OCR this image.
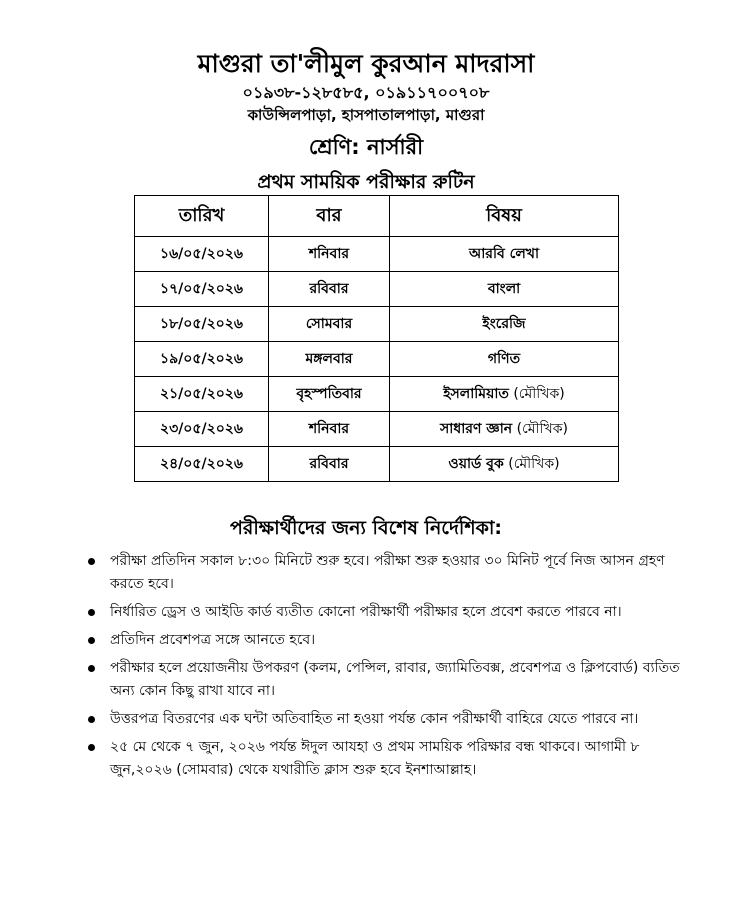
মাগুরা তা'লীমুল কুরআন মাদরাসা
০১৯৩৮-১২৮৫৮৫, ০১৯১১৭০০৭০৮
কাউন্সিলপাড়া, হাসপাতালপাড়া, মাগুরা
শ্রেণি: নার্সারী
প্রথম সাময়িক পরীক্ষার রুটিন
তারিখ	বার	বিষয়
১৬/০৫/২০২৬	শনিবার	আরবি লেখা
১৭/০৫/২০২৬	রবিবার	বাংলা
১৮/০৫/২০২৬	সোমবার	ইংরেজি
১৯/০৫/২০২৬	মঙ্গলবার	গণিত
২১/০৫/২০২৬	বৃহস্পতিবার	ইসলামিয়াত (মৌখিক)
২৩/০৫/২০২৬	শনিবার	সাধারণ জ্ঞান (মৌখিক)
২৪/০৫/২০২৬	রবিবার	ওয়ার্ড বুক (মৌখিক)
পরীক্ষার্থীদের জন্য বিশেষ নির্দেশিকা:
পরীক্ষা প্রতিদিন সকাল ৮:৩০ মিনিটে শুরু হবে। পরীক্ষা শুরু হওয়ার ৩০ মিনিট পূর্বে নিজ আসন গ্রহণ করতে হবে।
নির্ধারিত ড্রেস ও আইডি কার্ড ব্যতীত কোনো পরীক্ষার্থী পরীক্ষার হলে প্রবেশ করতে পারবে না।
প্রতিদিন প্রবেশপত্র সঙ্গে আনতে হবে।
পরীক্ষার হলে প্রয়োজনীয় উপকরণ (কলম, পেন্সিল, রাবার, জ্যামিতিবক্স, প্রবেশপত্র ও ক্লিপবোর্ড) ব্যতিত অন্য কোন কিছু রাখা যাবে না।
উত্তরপত্র বিতরণের এক ঘন্টা অতিবাহিত না হওয়া পর্যন্ত কোন পরীক্ষার্থী বাহিরে যেতে পারবে না।
২৫ মে থেকে ৭ জুন, ২০২৬ পর্যন্ত ঈদুল আযহা ও প্রথম সাময়িক পরিক্ষার বন্ধ থাকবে। আগামী ৮ জুন,২০২৬ (সোমবার) থেকে যথারীতি ক্লাস শুরু হবে ইনশাআল্লাহ।
